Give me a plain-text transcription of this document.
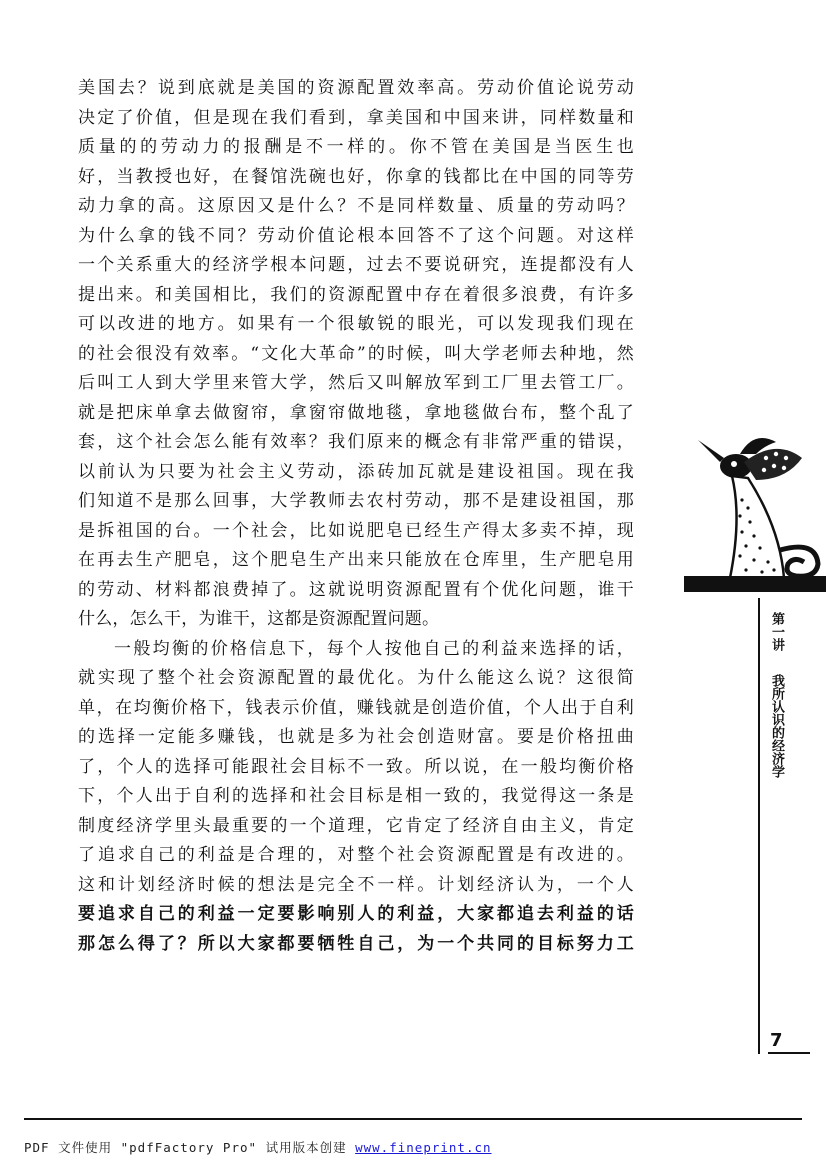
美国去？说到底就是美国的资源配置效率高。劳动价值论说劳动
决定了价值，但是现在我们看到，拿美国和中国来讲，同样数量和
质量的的劳动力的报酬是不一样的。你不管在美国是当医生也
好，当教授也好，在餐馆洗碗也好，你拿的钱都比在中国的同等劳
动力拿的高。这原因又是什么？不是同样数量、质量的劳动吗？
为什么拿的钱不同？劳动价值论根本回答不了这个问题。对这样
一个关系重大的经济学根本问题，过去不要说研究，连提都没有人
提出来。和美国相比，我们的资源配置中存在着很多浪费，有许多
可以改进的地方。如果有一个很敏锐的眼光，可以发现我们现在
的社会很没有效率。“文化大革命”的时候，叫大学老师去种地，然
后叫工人到大学里来管大学，然后又叫解放军到工厂里去管工厂。
就是把床单拿去做窗帘，拿窗帘做地毯，拿地毯做台布，整个乱了
套，这个社会怎么能有效率？我们原来的概念有非常严重的错误，
以前认为只要为社会主义劳动，添砖加瓦就是建设祖国。现在我
们知道不是那么回事，大学教师去农村劳动，那不是建设祖国，那
是拆祖国的台。一个社会，比如说肥皂已经生产得太多卖不掉，现
在再去生产肥皂，这个肥皂生产出来只能放在仓库里，生产肥皂用
的劳动、材料都浪费掉了。这就说明资源配置有个优化问题，谁干
什么，怎么干，为谁干，这都是资源配置问题。
一般均衡的价格信息下，每个人按他自己的利益来选择的话，
就实现了整个社会资源配置的最优化。为什么能这么说？这很简
单，在均衡价格下，钱表示价值，赚钱就是创造价值，个人出于自利
的选择一定能多赚钱，也就是多为社会创造财富。要是价格扭曲
了，个人的选择可能跟社会目标不一致。所以说，在一般均衡价格
下，个人出于自利的选择和社会目标是相一致的，我觉得这一条是
制度经济学里头最重要的一个道理，它肯定了经济自由主义，肯定
了追求自己的利益是合理的，对整个社会资源配置是有改进的。
这和计划经济时候的想法是完全不一样。计划经济认为，一个人
要追求自己的利益一定要影响别人的利益，大家都追去利益的话
那怎么得了？所以大家都要牺牲自己，为一个共同的目标努力工
第一讲
我所认识的经济学
7
PDF 文件使用 "pdfFactory Pro" 试用版本创建 www.fineprint.cn
